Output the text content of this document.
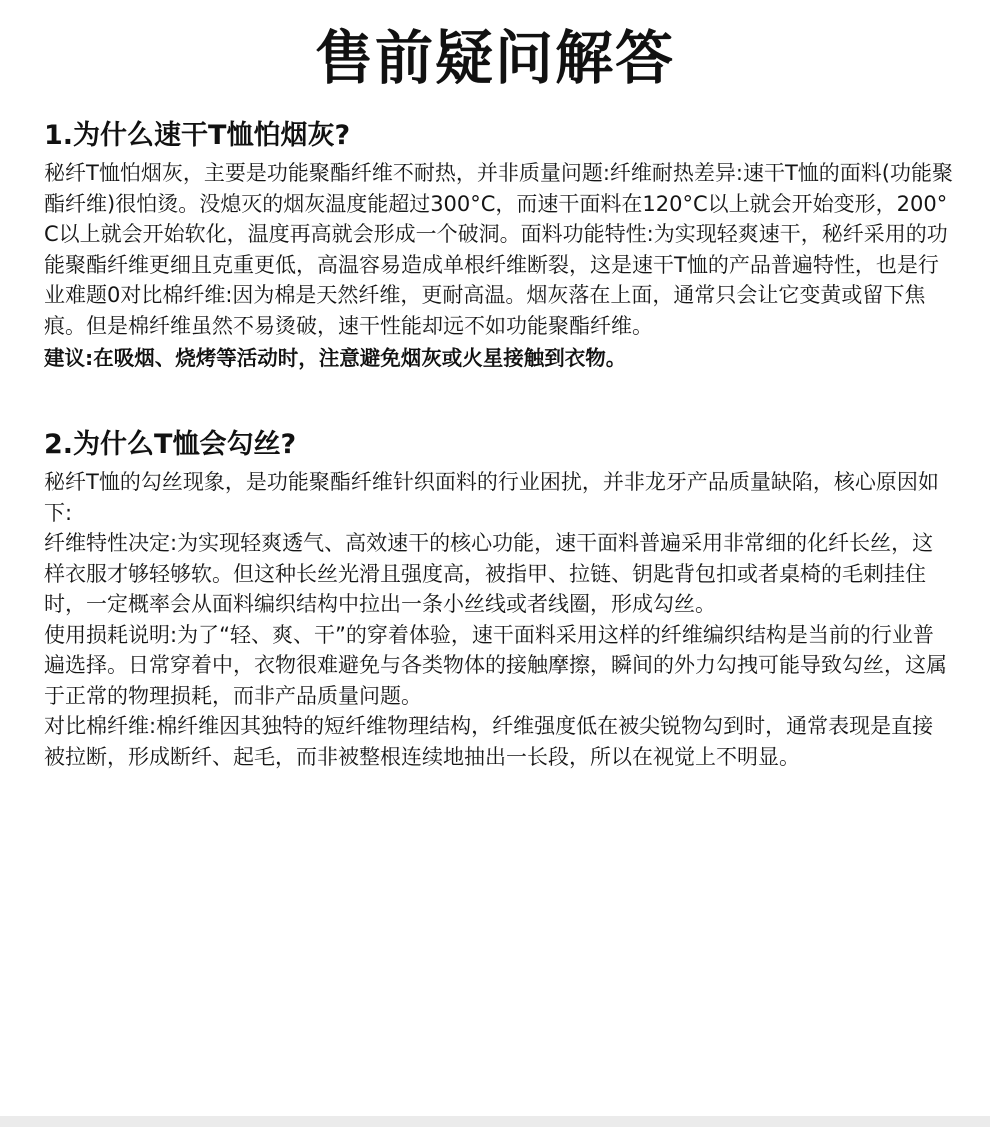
售前疑问解答
1.为什么速干T恤怕烟灰?

秘纤T恤怕烟灰，主要是功能聚酯纤维不耐热，并非质量问题:纤维耐热差异:速干T恤的面料(功能聚酯纤维)很怕烫。没熄灭的烟灰温度能超过300°C，而速干面料在120°C以上就会开始变形，200°C以上就会开始软化，温度再高就会形成一个破洞。面料功能特性:为实现轻爽速干，秘纤采用的功能聚酯纤维更细且克重更低，高温容易造成单根纤维断裂，这是速干T恤的产品普遍特性，也是行业难题0对比棉纤维:因为棉是天然纤维，更耐高温。烟灰落在上面，通常只会让它变黄或留下焦痕。但是棉纤维虽然不易烫破，速干性能却远不如功能聚酯纤维。

建议:在吸烟、烧烤等活动时，注意避免烟灰或火星接触到衣物。

2.为什么T恤会勾丝?

秘纤T恤的勾丝现象，是功能聚酯纤维针织面料的行业困扰，并非龙牙产品质量缺陷，核心原因如下:

纤维特性决定:为实现轻爽透气、高效速干的核心功能，速干面料普遍采用非常细的化纤长丝，这样衣服才够轻够软。但这种长丝光滑且强度高，被指甲、拉链、钥匙背包扣或者桌椅的毛刺挂住时，一定概率会从面料编织结构中拉出一条小丝线或者线圈，形成勾丝。

使用损耗说明:为了“轻、爽、干”的穿着体验，速干面料采用这样的纤维编织结构是当前的行业普遍选择。日常穿着中，衣物很难避免与各类物体的接触摩擦，瞬间的外力勾拽可能导致勾丝，这属于正常的物理损耗，而非产品质量问题。

对比棉纤维:棉纤维因其独特的短纤维物理结构，纤维强度低在被尖锐物勾到时，通常表现是直接被拉断，形成断纤、起毛，而非被整根连续地抽出一长段，所以在视觉上不明显。
